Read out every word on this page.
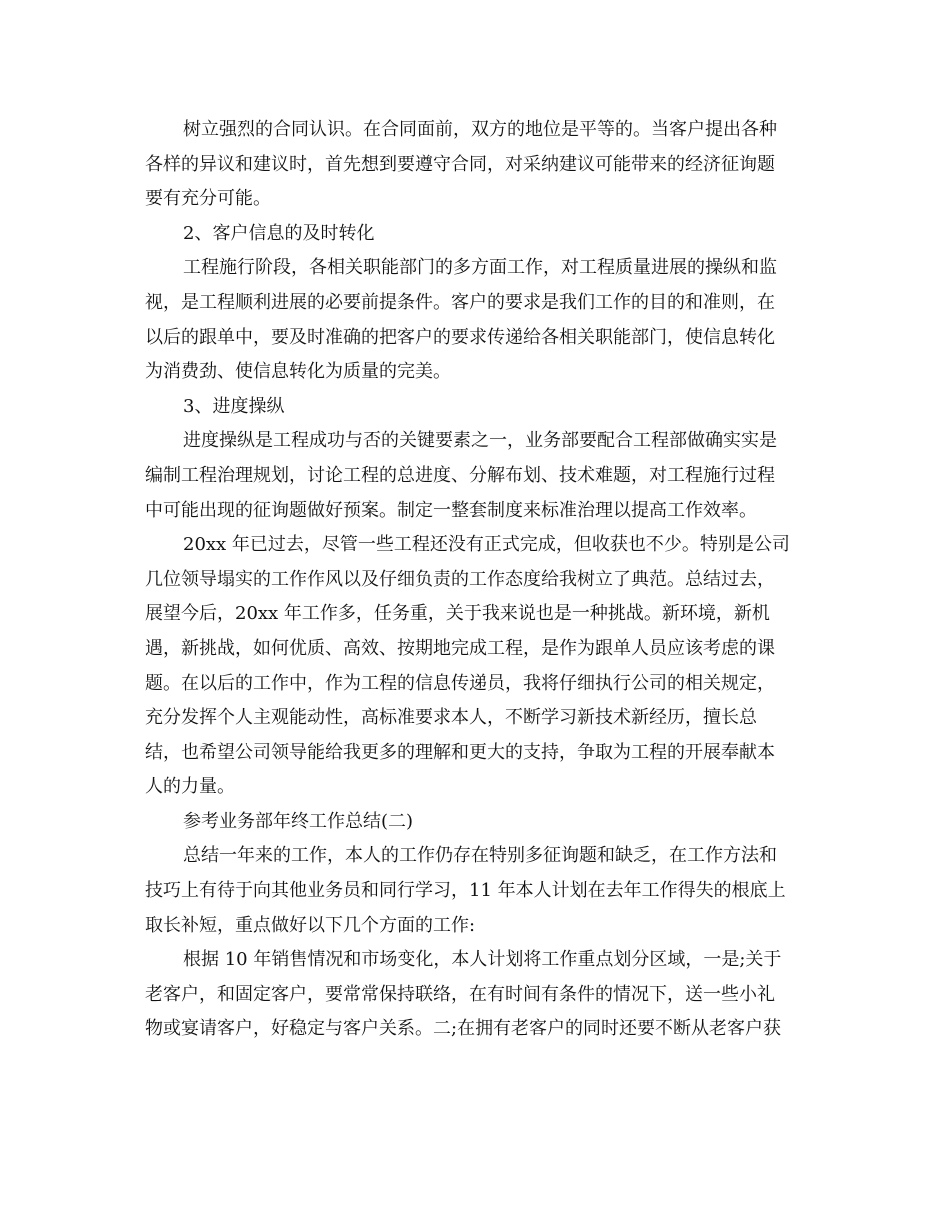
树立强烈的合同认识。在合同面前，双方的地位是平等的。当客户提出各种
各样的异议和建议时，首先想到要遵守合同，对采纳建议可能带来的经济征询题
要有充分可能。

2、客户信息的及时转化

工程施行阶段，各相关职能部门的多方面工作，对工程质量进展的操纵和监
视，是工程顺利进展的必要前提条件。客户的要求是我们工作的目的和准则，在
以后的跟单中，要及时准确的把客户的要求传递给各相关职能部门，使信息转化
为消费劲、使信息转化为质量的完美。

3、进度操纵

进度操纵是工程成功与否的关键要素之一，业务部要配合工程部做确实实是
编制工程治理规划，讨论工程的总进度、分解布划、技术难题，对工程施行过程
中可能出现的征询题做好预案。制定一整套制度来标准治理以提高工作效率。

20xx 年已过去，尽管一些工程还没有正式完成，但收获也不少。特别是公司
几位领导塌实的工作作风以及仔细负责的工作态度给我树立了典范。总结过去，
展望今后，20xx 年工作多，任务重，关于我来说也是一种挑战。新环境，新机
遇，新挑战，如何优质、高效、按期地完成工程，是作为跟单人员应该考虑的课
题。在以后的工作中，作为工程的信息传递员，我将仔细执行公司的相关规定，
充分发挥个人主观能动性，高标准要求本人，不断学习新技术新经历，擅长总
结，也希望公司领导能给我更多的理解和更大的支持，争取为工程的开展奉献本
人的力量。

参考业务部年终工作总结(二)

总结一年来的工作，本人的工作仍存在特别多征询题和缺乏，在工作方法和
技巧上有待于向其他业务员和同行学习，11 年本人计划在去年工作得失的根底上
取长补短，重点做好以下几个方面的工作:

根据 10 年销售情况和市场变化，本人计划将工作重点划分区域，一是;关于
老客户，和固定客户，要常常保持联络，在有时间有条件的情况下，送一些小礼
物或宴请客户，好稳定与客户关系。二;在拥有老客户的同时还要不断从老客户获
